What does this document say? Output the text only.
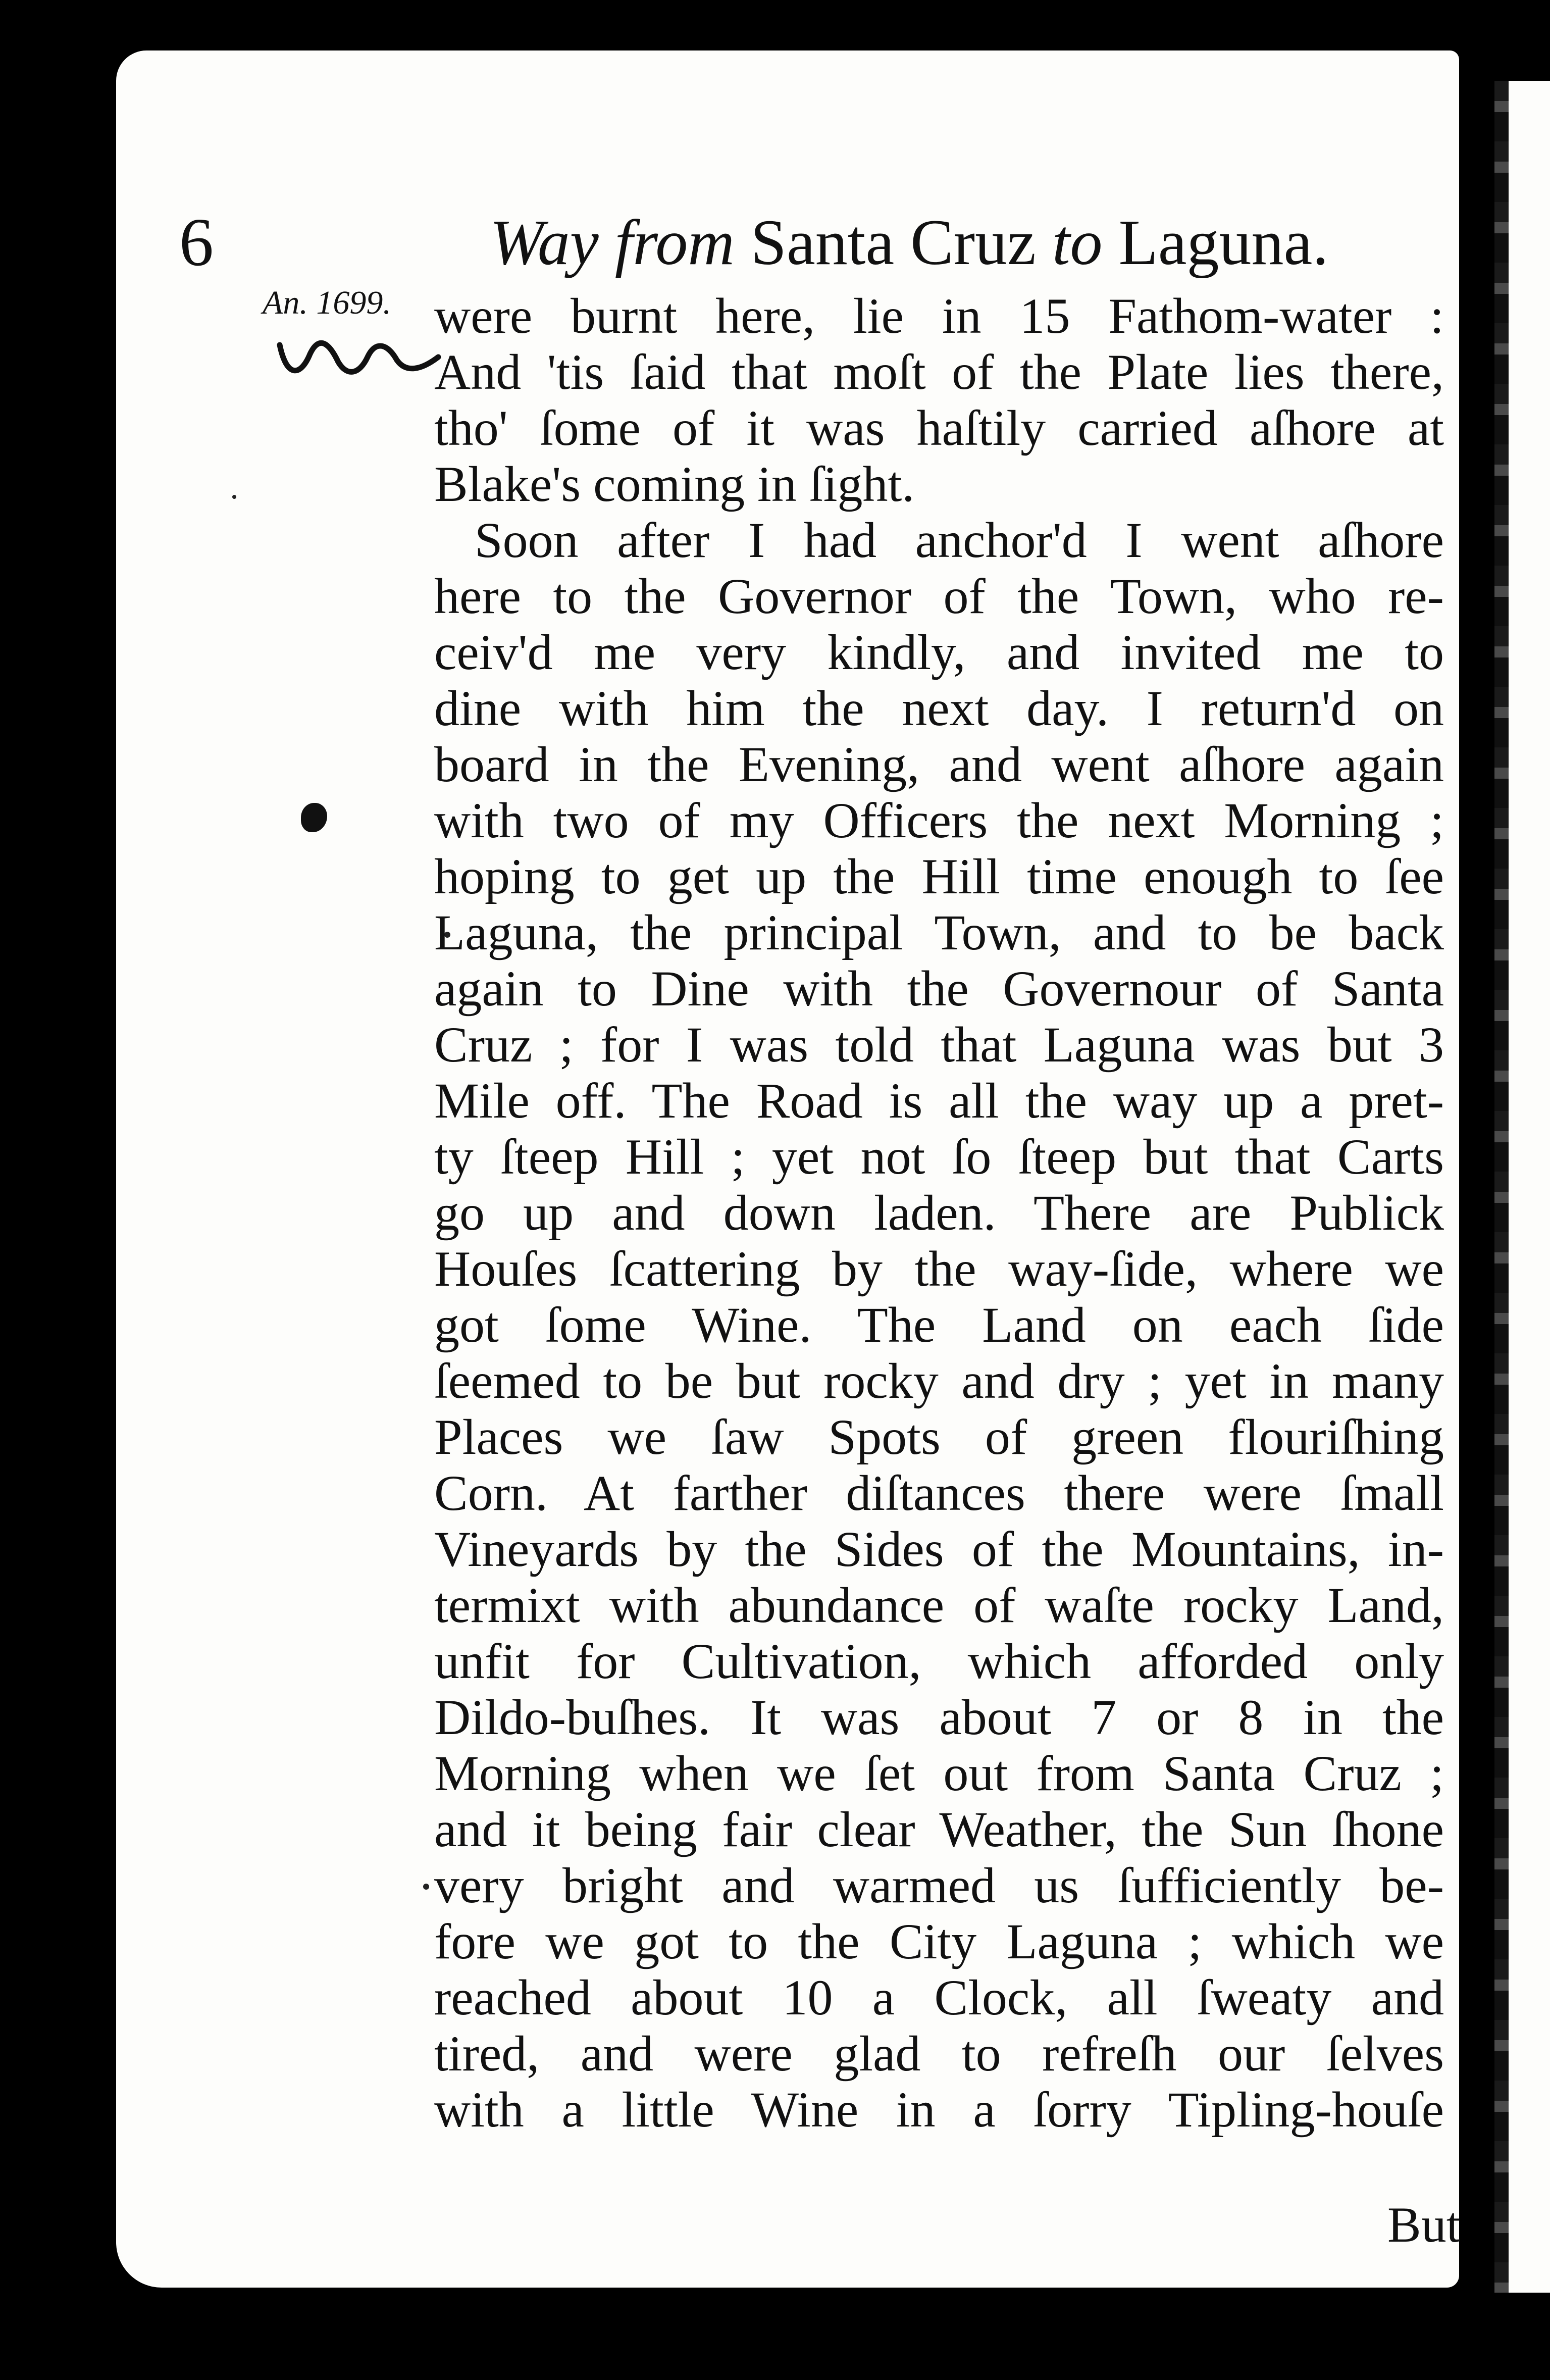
6	Way from Santa Cruz to Laguna.
An. 1699. were burnt here, lie in 15 Fathom-water :
And 'tis ſaid that moſt of the Plate lies there,
tho' ſome of it was haſtily carried aſhore at
Blake's coming in ſight.
Soon after I had anchor'd I went aſhore
here to the Governor of the Town, who re-
ceiv'd me very kindly, and invited me to
dine with him the next day. I return'd on
board in the Evening, and went aſhore again
with two of my Officers the next Morning ;
hoping to get up the Hill time enough to ſee
Laguna, the principal Town, and to be back
again to Dine with the Governour of Santa
Cruz ; for I was told that Laguna was but 3
Mile off. The Road is all the way up a pret-
ty ſteep Hill ; yet not ſo ſteep but that Carts
go up and down laden. There are Publick
Houſes ſcattering by the way-ſide, where we
got ſome Wine. The Land on each ſide
ſeemed to be but rocky and dry ; yet in many
Places we ſaw Spots of green flouriſhing
Corn. At farther diſtances there were ſmall
Vineyards by the Sides of the Mountains, in-
termixt with abundance of waſte rocky Land,
unfit for Cultivation, which afforded only
Dildo-buſhes. It was about 7 or 8 in the
Morning when we ſet out from Santa Cruz ;
and it being fair clear Weather, the Sun ſhone
very bright and warmed us ſufficiently be-
fore we got to the City Laguna ; which we
reached about 10 a Clock, all ſweaty and
tired, and were glad to refreſh our ſelves
with a little Wine in a ſorry Tipling-houſe
But
